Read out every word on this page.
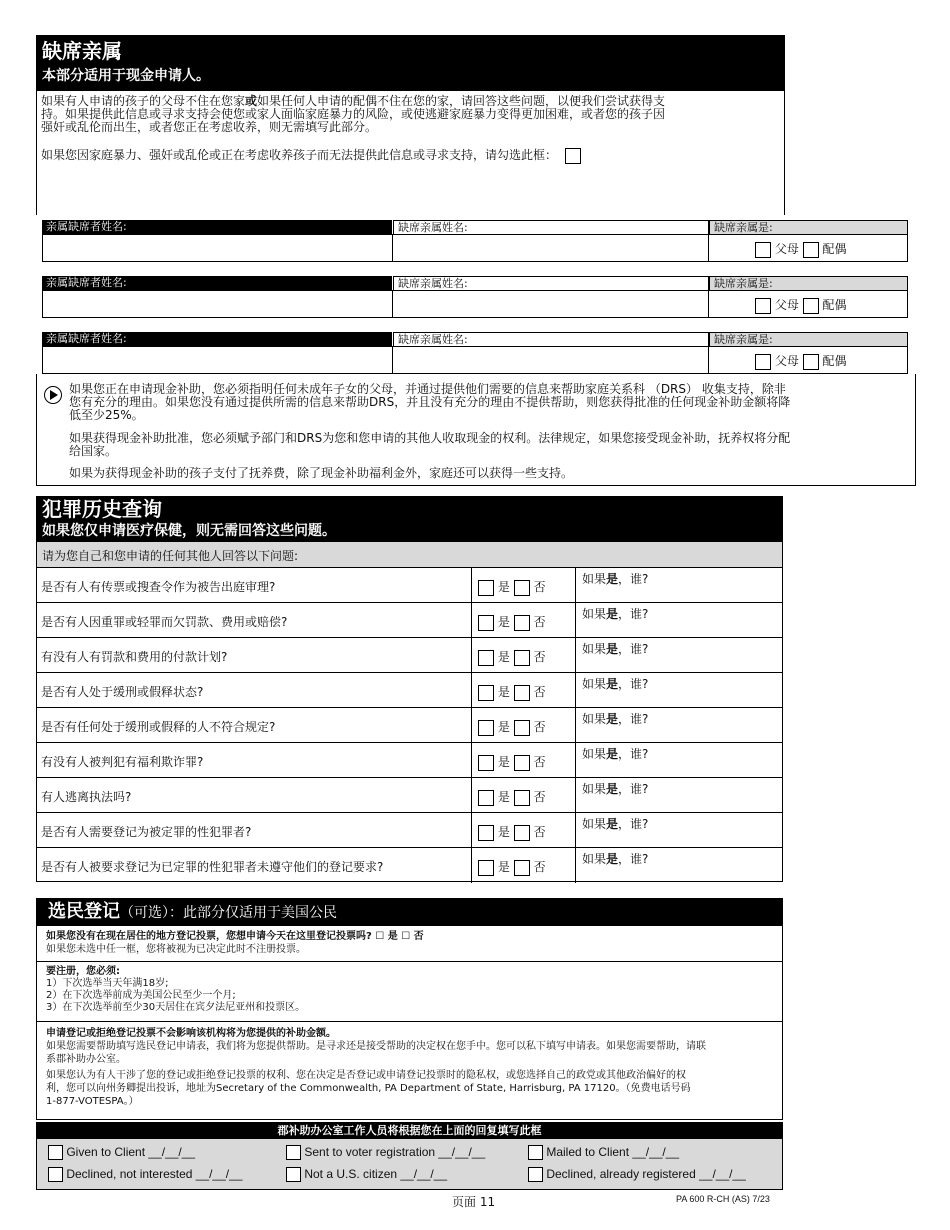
缺席亲属
本部分适用于现金申请人。
如果有人申请的孩子的父母不住在您家或如果任何人申请的配偶不住在您的家，请回答这些问题，以便我们尝试获得支
持。如果提供此信息或寻求支持会使您或家人面临家庭暴力的风险，或使逃避家庭暴力变得更加困难，或者您的孩子因
强奸或乱伦而出生，或者您正在考虑收养，则无需填写此部分。
如果您因家庭暴力、强奸或乱伦或正在考虑收养孩子而无法提供此信息或寻求支持，请勾选此框：
亲属缺席者姓名:	缺席亲属姓名:	缺席亲属是:
父母 配偶
亲属缺席者姓名:	缺席亲属姓名:	缺席亲属是:
父母 配偶
亲属缺席者姓名:	缺席亲属姓名:	缺席亲属是:
父母 配偶
如果您正在申请现金补助，您必须指明任何未成年子女的父母，并通过提供他们需要的信息来帮助家庭关系科 （DRS） 收集支持，除非
您有充分的理由。如果您没有通过提供所需的信息来帮助DRS，并且没有充分的理由不提供帮助，则您获得批准的任何现金补助金额将降
低至少25%。
如果获得现金补助批准，您必须赋予部门和DRS为您和您申请的其他人收取现金的权利。法律规定，如果您接受现金补助，抚养权将分配
给国家。
如果为获得现金补助的孩子支付了抚养费，除了现金补助福利金外，家庭还可以获得一些支持。
犯罪历史查询
如果您仅申请医疗保健，则无需回答这些问题。
请为您自己和您申请的任何其他人回答以下问题:
是否有人有传票或搜查令作为被告出庭审理?	是 否
如果是，谁?
是否有人因重罪或轻罪而欠罚款、费用或赔偿?	是 否
如果是，谁?
有没有人有罚款和费用的付款计划?	是 否
如果是，谁?
是否有人处于缓刑或假释状态?	是 否
如果是，谁?
是否有任何处于缓刑或假释的人不符合规定?	是 否
如果是，谁?
有没有人被判犯有福利欺诈罪?	是 否
如果是，谁?
有人逃离执法吗?	是 否
如果是，谁?
是否有人需要登记为被定罪的性犯罪者?	是 否
如果是，谁?
是否有人被要求登记为已定罪的性犯罪者未遵守他们的登记要求?	是 否
如果是，谁?
选民登记（可选）：此部分仅适用于美国公民
如果您没有在现在居住的地方登记投票，您想申请今天在这里登记投票吗? ☐ 是 ☐ 否
如果您未选中任一框，您将被视为已决定此时不注册投票。
要注册，您必须:
1）下次选举当天年满18岁;
2）在下次选举前成为美国公民至少一个月;
3）在下次选举前至少30天居住在宾夕法尼亚州和投票区。
申请登记或拒绝登记投票不会影响该机构将为您提供的补助金额。
如果您需要帮助填写选民登记申请表，我们将为您提供帮助。是寻求还是接受帮助的决定权在您手中。您可以私下填写申请表。如果您需要帮助，请联
系郡补助办公室。
如果您认为有人干涉了您的登记或拒绝登记投票的权利、您在决定是否登记或申请登记投票时的隐私权，或您选择自己的政党或其他政治偏好的权
利，您可以向州务卿提出投诉，地址为Secretary of the Commonwealth, PA Department of State, Harrisburg, PA 17120。（免费电话号码
1-877-VOTESPA。）
郡补助办公室工作人员将根据您在上面的回复填写此框
Given to Client __/__/__	Sent to voter registration __/__/__	Mailed to Client __/__/__
Declined, not interested __/__/__	Not a U.S. citizen __/__/__	Declined, already registered __/__/__
页面 11	PA 600 R-CH (AS) 7/23
